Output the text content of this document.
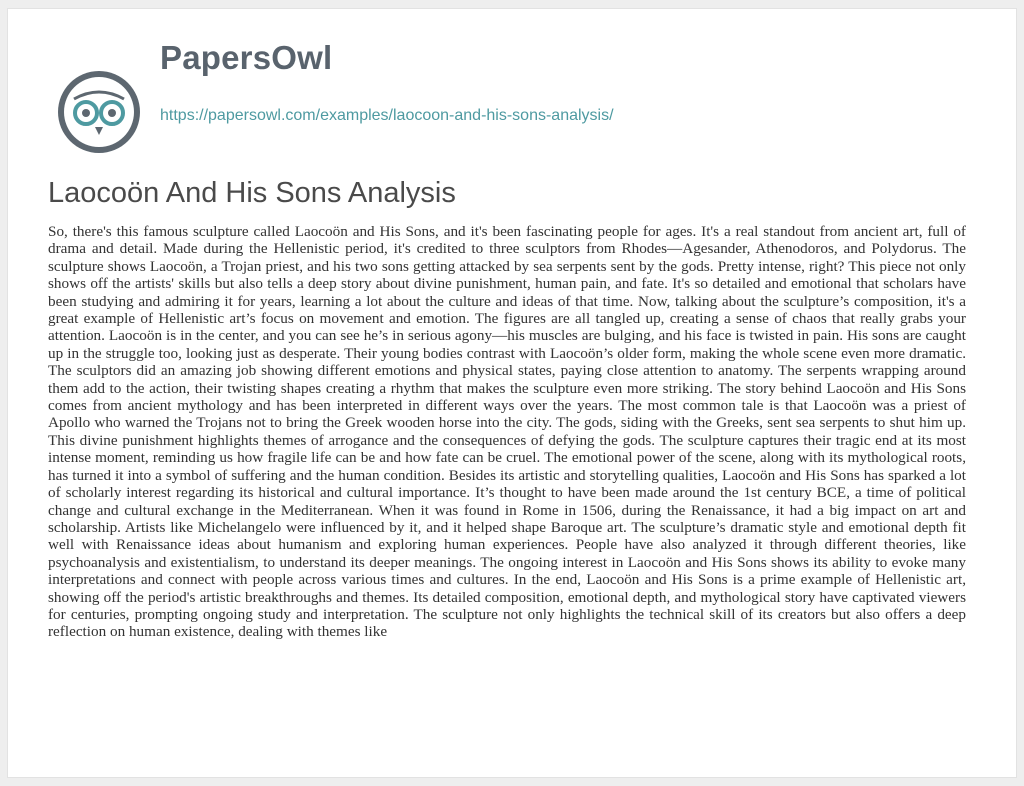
PapersOwl
https://papersowl.com/examples/laocoon-and-his-sons-analysis/
Laocoön And His Sons Analysis

So, there's this famous sculpture called Laocoön and His Sons, and it's been fascinating people for ages. It's a real standout from ancient art, full of drama and detail. Made during the Hellenistic period, it's credited to three sculptors from Rhodes—Agesander, Athenodoros, and Polydorus. The sculpture shows Laocoön, a Trojan priest, and his two sons getting attacked by sea serpents sent by the gods. Pretty intense, right? This piece not only shows off the artists' skills but also tells a deep story about divine punishment, human pain, and fate. It's so detailed and emotional that scholars have been studying and admiring it for years, learning a lot about the culture and ideas of that time. Now, talking about the sculpture’s composition, it's a great example of Hellenistic art’s focus on movement and emotion. The figures are all tangled up, creating a sense of chaos that really grabs your attention. Laocoön is in the center, and you can see he’s in serious agony—his muscles are bulging, and his face is twisted in pain. His sons are caught up in the struggle too, looking just as desperate. Their young bodies contrast with Laocoön’s older form, making the whole scene even more dramatic. The sculptors did an amazing job showing different emotions and physical states, paying close attention to anatomy. The serpents wrapping around them add to the action, their twisting shapes creating a rhythm that makes the sculpture even more striking. The story behind Laocoön and His Sons comes from ancient mythology and has been interpreted in different ways over the years. The most common tale is that Laocoön was a priest of Apollo who warned the Trojans not to bring the Greek wooden horse into the city. The gods, siding with the Greeks, sent sea serpents to shut him up. This divine punishment highlights themes of arrogance and the consequences of defying the gods. The sculpture captures their tragic end at its most intense moment, reminding us how fragile life can be and how fate can be cruel. The emotional power of the scene, along with its mythological roots, has turned it into a symbol of suffering and the human condition. Besides its artistic and storytelling qualities, Laocoön and His Sons has sparked a lot of scholarly interest regarding its historical and cultural importance. It’s thought to have been made around the 1st century BCE, a time of political change and cultural exchange in the Mediterranean. When it was found in Rome in 1506, during the Renaissance, it had a big impact on art and scholarship. Artists like Michelangelo were influenced by it, and it helped shape Baroque art. The sculpture’s dramatic style and emotional depth fit well with Renaissance ideas about humanism and exploring human experiences. People have also analyzed it through different theories, like psychoanalysis and existentialism, to understand its deeper meanings. The ongoing interest in Laocoön and His Sons shows its ability to evoke many interpretations and connect with people across various times and cultures. In the end, Laocoön and His Sons is a prime example of Hellenistic art, showing off the period's artistic breakthroughs and themes. Its detailed composition, emotional depth, and mythological story have captivated viewers for centuries, prompting ongoing study and interpretation. The sculpture not only highlights the technical skill of its creators but also offers a deep reflection on human existence, dealing with themes like
